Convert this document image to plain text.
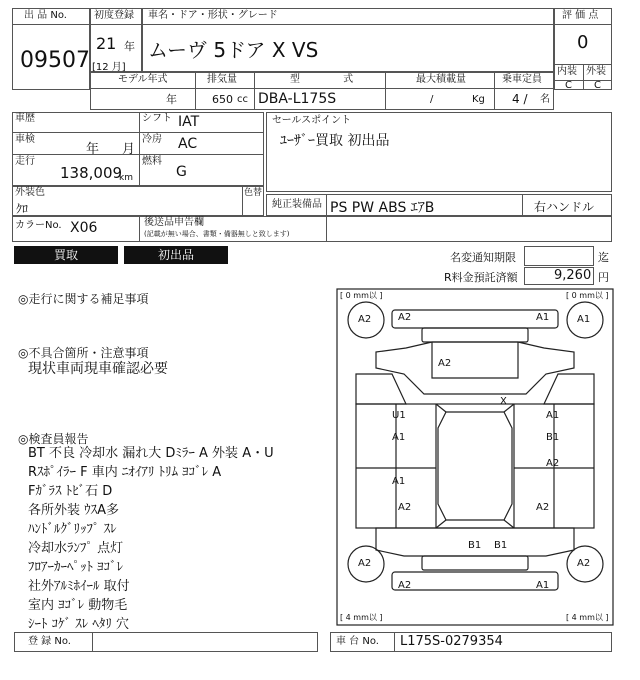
出 品 No.
09507
初度登録
21 年
[12 月]
車名・ドア・形状・グレード
ムーヴ 5ドア X VS
評 価 点
0
内装 外装
C C
モデル年式
年
排気量
650 cc
型 式
DBA-L175S
最大積載量
/	Kg
乗車定員
4 / 名
車歴
車検
年 月
走行
138,009
km
シフト IAT
冷房 AC
燃料
G
セールスポイント
ﾕｰｻﾞｰ買取 初出品
外装色
ｸﾛ
色替
純正装備品 PS PW ABS ｴｱB	右ハンドル
カラーNo. X06	後送品申告欄
(記載が無い場合、書類・備器無しと致します)
買取	初出品	名変通知期限	迄
R料金預託済額	9,260 円
◎走行に関する補足事項
◎不具合箇所・注意事項
現状車両現車確認必要
◎検査員報告
BT 不良 冷却水 漏れ大 Dﾐﾗｰ A 外装 A・U
Rｽﾎﾟｲﾗｰ F 車内 ﾆｵｲｱﾘ ﾄﾘﾑ ﾖｺﾞﾚ A
Fｶﾞﾗｽ ﾄﾋﾞ石 D
各所外装 ｳｽA多
ﾊﾝﾄﾞﾙｸﾞﾘｯﾌﾟ ｽﾚ
冷却水ﾗﾝﾌﾟ 点灯
ﾌﾛｱｰｶｰﾍﾟｯﾄ ﾖｺﾞﾚ
社外ｱﾙﾐﾎｲｰﾙ 取付
室内 ﾖｺﾞﾚ 動物毛
ｼｰﾄ ｺｹﾞ ｽﾚ ﾍﾀﾘ 穴
[ 0 mm以 ]	[ 0 mm以 ]
[ 4 mm以 ]	[ 4 mm以 ]
A2	A1
A2	A1
A2
X
U1
A1
A1
A2
A1
B1
A2
A2
B1 B1
A2	A1
A2	A2
登 録 No.	車 台 No. L175S-0279354
